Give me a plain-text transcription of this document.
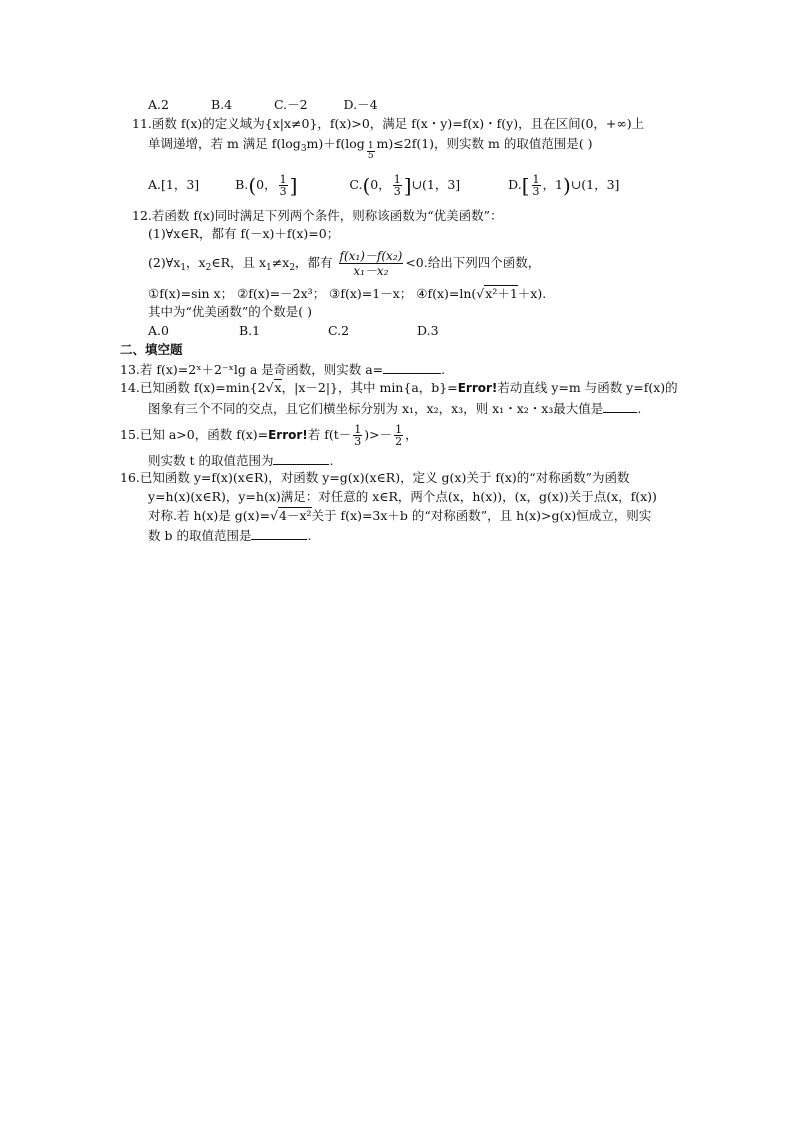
A.2	B.4	C.－2	D.－4
11.函数 f(x)的定义域为{x|x≠0}，f(x)>0，满足 f(x・y)=f(x)・f(y)，且在区间(0，+∞)上
单调递增，若 m 满足 $f(\log_3m)+f(\log \frac{1}{5} m)\le 2f(1)$，则实数 m 的取值范围是( )
A.[1，3]	B.(0， $\frac{1}{3}$ ]	C.(0， $\frac{1}{3}$ ]∪(1，3]	$D.[ \frac{1}{3}$ ，1)∪(1，3]
12.若函数 f(x)同时满足下列两个条件，则称该函数为“优美函数”：
(1)∀x∈R，都有 f(－x)＋f(x)=0；
$(2)\forall x_1$，$x_2\in R$，且 $x_1\ne x_2$，都有 $\frac{\text{f(x₁)－f(x₂)}}{\text{x₁－x₂}} <0$.给出下列四个函数，
①f(x)=sin x； ②f(x)=－2x³； ③f(x)=1－x； ④f(x)=ln(√x²＋1＋x).
其中为“优美函数”的个数是( )
A.0	B.1	C.2	D.3
二、填空题
13.若 f(x)=2ˣ＋2⁻ˣlg a 是奇函数，则实数 a=	.
14.已知函数 f(x)=min{2√x，|x－2|}，其中 min{a，b}=Error!若动直线 y=m 与函数 y=f(x)的
图象有三个不同的交点，且它们横坐标分别为 x₁，x₂，x₃，则 x₁・x₂・x₃最大值是	.
15.已知 a>0，函数 f(x)=Error!若 $f(t- \frac{1}{3}$ )>－ $\frac{1}{2}$ ，
则实数 t 的取值范围为	.
16.已知函数 y=f(x)(x∈R)，对函数 y=g(x)(x∈R)，定义 g(x)关于 f(x)的“对称函数”为函数
y=h(x)(x∈R)，y=h(x)满足：对任意的 x∈R，两个点(x，h(x))，(x，g(x))关于点(x，f(x))
对称.若 h(x)是 g(x)=√4－x²关于 f(x)=3x＋b 的“对称函数”，且 h(x)>g(x)恒成立，则实
数 b 的取值范围是	.
